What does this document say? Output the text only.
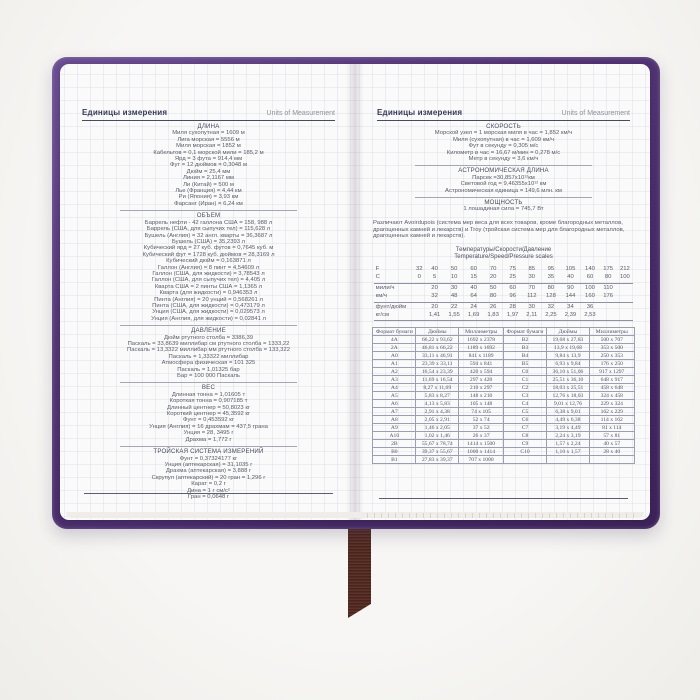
Единицы измерения	Units of Measurement
ДЛИНА
Миля сухопутная = 1609 м
Лига морская = 5556 м
Миля морская = 1852 м
Кабельтов = 0,1 морской мили = 185,2 м
Ярд = 3 фута = 914,4 мм
Фут = 12 дюймов = 0,3048 м
Дюйм = 25,4 мм
Линия = 2,1167 мм
Ли (Китай) = 500 м
Лье (Франция) = 4,44 км
Ри (Япония) = 3,93 км
Фарсанг (Иран) = 6,24 км
ОБЪЕМ
Баррель нефти - 42 галлона США = 158, 988 л
Баррель (США, для сыпучих тел) = 115,628 л
Бушель (Англия) = 32 англ. кварты = 36,3687 л
Бушель (США) = 35,2393 л
Кубический ярд = 27 куб. футов = 0,7645 куб. м
Кубический фут = 1728 куб. дюймов = 28,3169 л
Кубический дюйм = 0,163871 л
Галлон (Англия) = 8 пинт = 4,54609 л
Галлон (США, для жидкости) = 3,78543 л
Галлон (США, для сыпучих тел) = 4,405 л
Кварта США = 2 пинты США = 1,1365 л
Кварта (для жидкости) = 0,946353 л
Пинта (Англия) = 20 унций = 0,568261 л
Пинта (США, для жидкости) = 0,473179 л
Унция (США, для жидкости) = 0,029573 л
Унция (Англия, для жидкости) = 0,02841 л
ДАВЛЕНИЕ
Дюйм ртутного столба = 3386,39
Паскаль = 33,8639 миллибар см ртутного столба = 1333,22
Паскаль = 13,3322 миллибар мм ртутного столба = 133,322
Паскаль = 1,33322 миллибар
Атмосфера физическая = 101 325
Паскаль = 1,01325 бар
Бар = 100 000 Паскаль
ВЕС
Длинная тонна = 1,01605 т
Короткая тонна = 0,907185 т
Длинный центнер = 50,8023 кг
Короткий центнер = 45,3592 кг
Фунт = 0,453592 кг
Унция (Англия) = 16 драхмам = 437,5 грана
Унция = 28, 3495 г
Драхма = 1,772 г
ТРОЙСКАЯ СИСТЕМА ИЗМЕРЕНИЙ
Фунт = 0,37324177 кг
Унция (аптекарская) = 31,1035 г
Драхма (аптекарская) = 3,888 г
Скрупул (аптекарский) = 20 гран = 1,296 г
Карат = 0,2 г
Дина = 1 г см/с²
Гран = 0,0648 г
Единицы измерения	Units of Measurement
СКОРОСТЬ
Морской узел = 1 морская миля в час = 1,852 км/ч
Миля (сухопутная) в час = 1,609 км/ч
Фут в секунду = 0,305 м/с
Километр в час = 16,67 м/мин = 0,278 м/с
Метр в секунду = 3,6 км/ч
АСТРОНОМИЧЕСКАЯ ДЛИНА
Парсек =30,857x10¹²км
Световой год = 9,46355x10¹² км
Астрономическая единица = 149,6 млн. км
МОЩНОСТЬ
1 лошадиная сила = 745,7 Вт

Различают Avoirdupois (система мер веса для всех товаров, кроме благородных металлов, драгоценных камней и лекарств) и Troy (тройская система мер для благородных металлов, драгоценных камней и лекарств).

Температуры/Скорости/Давление
Temperature/Speed/Pressure scales
F	32	40	50	60	70	75	85	95	105	140	175	212
C	0	5	10	15	20	25	30	35	40	60	80	100
мили/ч		20	30	40	50	60	70	80	90	100	110	
км/ч		32	48	64	80	96	112	128	144	160	176	
фунт/дюйм		20	22	24	26	28	30	32	34	36		
кг/см		1,41	1,55	1,69	1,83	1,97	2,11	2,25	2,39	2,53		
Формат бумаги	Дюймы	Миллиметры	Формат бумаги	Дюймы	Миллиметры
4A	66,22 x 93,62	1692 x 2378	B2	19,68 x 27,83	500 x 707
2A	46,81 x 66,22	1189 x 1692	B3	13,9 x 19,68	353 x 500
A0	33,11 x 46,91	841 x 1189	B4	9,84 x 13,9	250 x 353
A1	23,39 x 33,11	594 x 841	B5	6,93 x 9,84	176 x 250
A2	16,54 x 23,39	420 x 594	C0	36,10 x 51,06	917 x 1297
A3	11,69 x 16,54	297 x 420	C1	25,51 x 36,10	648 x 917
A4	8,27 x 11,69	210 x 297	C2	18,03 x 25,51	458 x 648
A5	5,83 x 8,27	148 x 210	C3	12,76 x 18,03	324 x 458
A6	4,13 x 5,83	105 x 148	C4	9,01 x 12,76	229 x 324
A7	2,91 x 4,38	74 x 105	C5	6,38 x 9,01	162 x 229
A8	2,05 x 2,91	52 x 74	C6	4,49 x 6,38	114 x 162
A9	1,46 x 2,05	37 x 52	C7	3,19 x 4,49	81 x 114
A10	1,02 x 1,46	26 x 37	C8	2,24 x 3,19	57 x 81
2B	55,67 x 78,74	1414 x 1500	C9	1,57 x 2,24	40 x 57
B0	39,37 x 55,67	1000 x 1414	C10	1,10 x 1,57	28 x 40
B1	27,83 x 39,37	707 x 1000			
